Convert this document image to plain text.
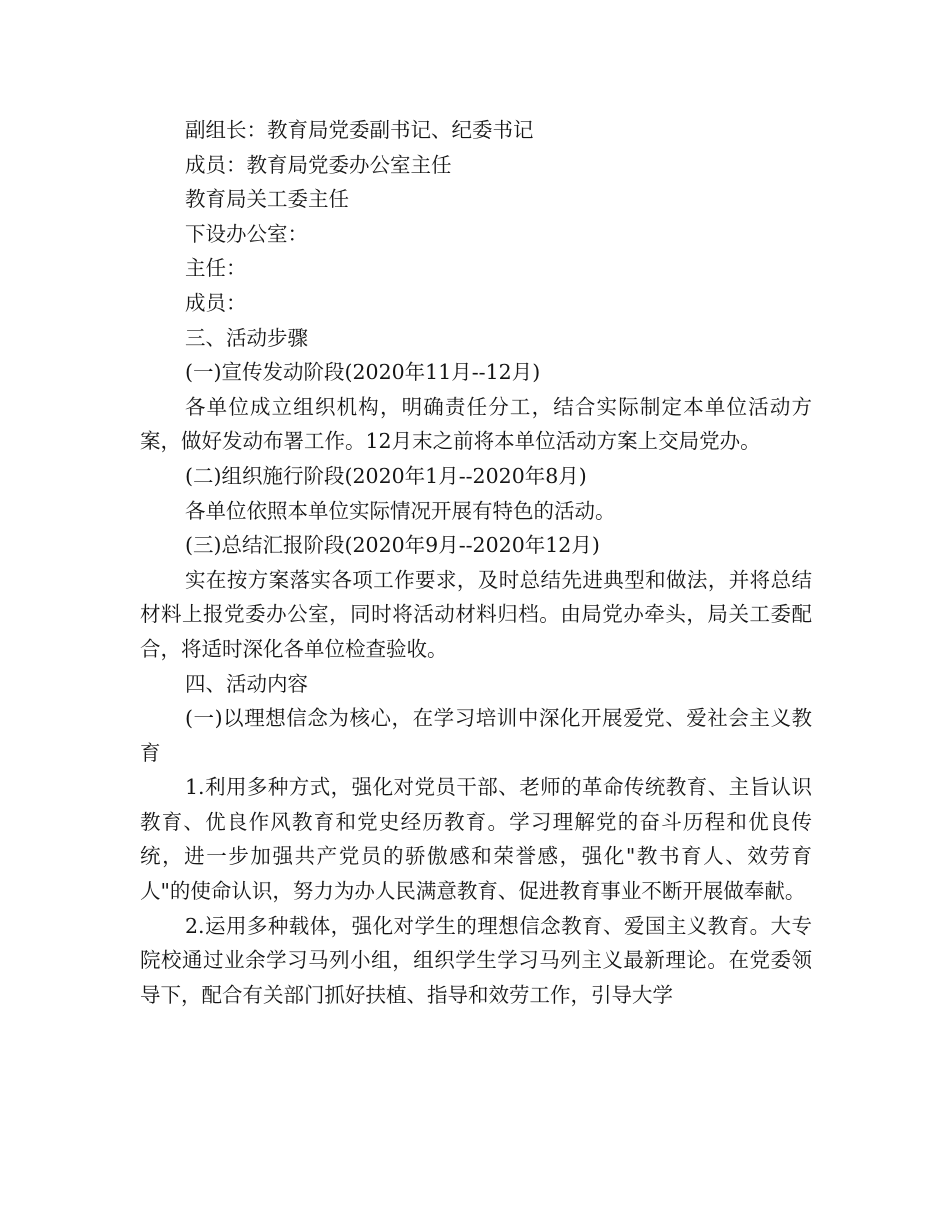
副组长：教育局党委副书记、纪委书记

成员：教育局党委办公室主任

教育局关工委主任

下设办公室：

主任：

成员：

三、活动步骤

(一)宣传发动阶段(2020年11月--12月)

各单位成立组织机构，明确责任分工，结合实际制定本单位活动方案，做好发动布署工作。12月末之前将本单位活动方案上交局党办。

(二)组织施行阶段(2020年1月--2020年8月)

各单位依照本单位实际情况开展有特色的活动。

(三)总结汇报阶段(2020年9月--2020年12月)

实在按方案落实各项工作要求，及时总结先进典型和做法，并将总结材料上报党委办公室，同时将活动材料归档。由局党办牵头，局关工委配合，将适时深化各单位检查验收。

四、活动内容

(一)以理想信念为核心，在学习培训中深化开展爱党、爱社会主义教育

1.利用多种方式，强化对党员干部、老师的革命传统教育、主旨认识教育、优良作风教育和党史经历教育。学习理解党的奋斗历程和优良传统，进一步加强共产党员的骄傲感和荣誉感，强化"教书育人、效劳育人"的使命认识，努力为办人民满意教育、促进教育事业不断开展做奉献。

2.运用多种载体，强化对学生的理想信念教育、爱国主义教育。大专院校通过业余学习马列小组，组织学生学习马列主义最新理论。在党委领导下，配合有关部门抓好扶植、指导和效劳工作，引导大学
